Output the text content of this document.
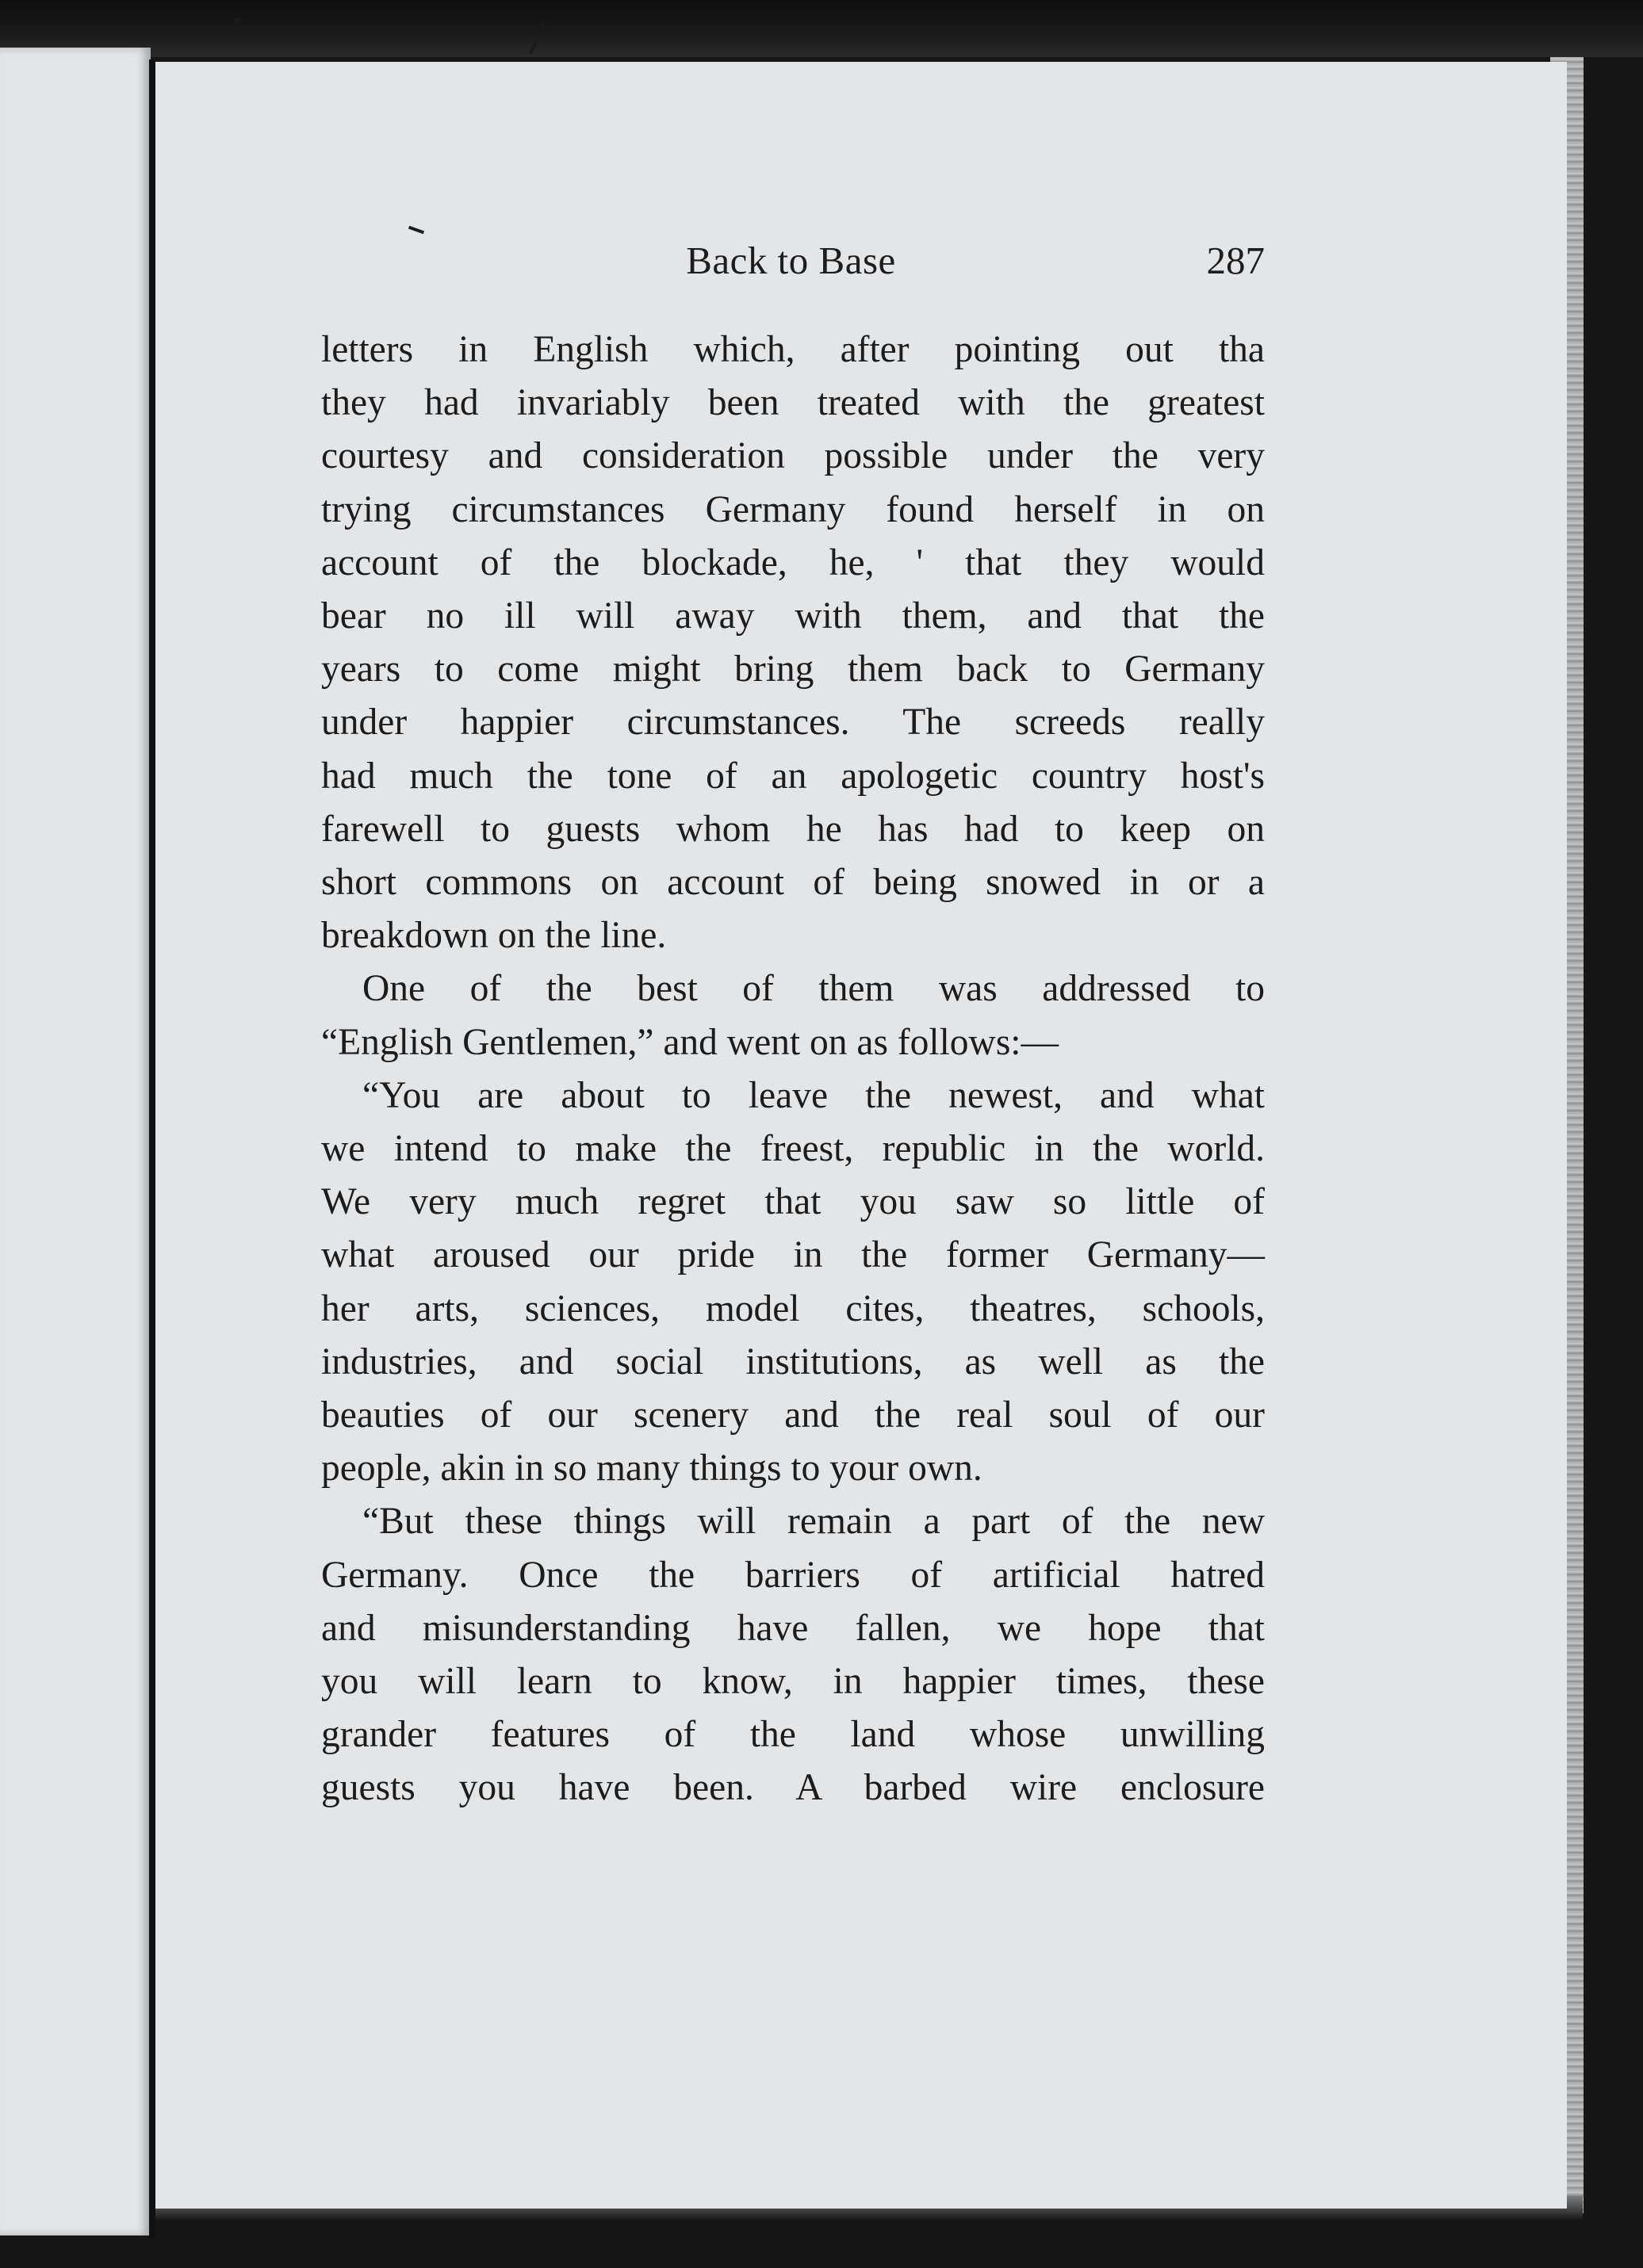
Back to Base	287

letters in English which, after pointing out tha

they had invariably been treated with the greatest

courtesy and consideration possible under the very

trying circumstances Germany found herself in on

account of the blockade, he, ' that they would

bear no ill will away with them, and that the

years to come might bring them back to Germany

under happier circumstances. The screeds really

had much the tone of an apologetic country host's

farewell to guests whom he has had to keep on

short commons on account of being snowed in or a

breakdown on the line.

One of the best of them was addressed to

“English Gentlemen,” and went on as follows:—

“You are about to leave the newest, and what

we intend to make the freest, republic in the world.

We very much regret that you saw so little of

what aroused our pride in the former Germany—

her arts, sciences, model cites, theatres, schools,

industries, and social institutions, as well as the

beauties of our scenery and the real soul of our

people, akin in so many things to your own.

“But these things will remain a part of the new

Germany. Once the barriers of artificial hatred

and misunderstanding have fallen, we hope that

you will learn to know, in happier times, these

grander features of the land whose unwilling

guests you have been. A barbed wire enclosure
